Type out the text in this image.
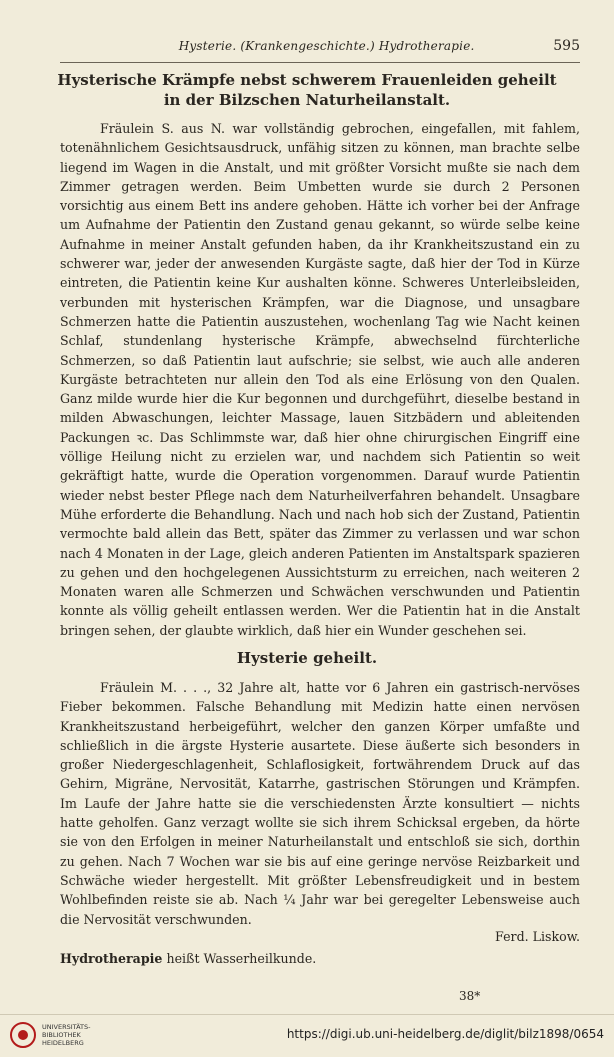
Hysterie. (Krankengeschichte.) Hydrotherapie.	595
Hysterische Krämpfe nebst schwerem Frauenleiden geheilt
in der Bilzschen Naturheilanstalt.

Fräulein S. aus N. war vollständig gebrochen, eingefallen, mit fahlem, totenähnlichem Gesichtsausdruck, unfähig sitzen zu können, man brachte selbe liegend im Wagen in die Anstalt, und mit größter Vorsicht mußte sie nach dem Zimmer getragen werden. Beim Umbetten wurde sie durch 2 Personen vorsichtig aus einem Bett ins andere gehoben. Hätte ich vorher bei der Anfrage um Aufnahme der Patientin den Zustand genau gekannt, so würde selbe keine Aufnahme in meiner Anstalt gefunden haben, da ihr Krankheitszustand ein zu schwerer war, jeder der anwesenden Kurgäste sagte, daß hier der Tod in Kürze eintreten, die Patientin keine Kur aushalten könne. Schweres Unterleibsleiden, verbunden mit hysterischen Krämpfen, war die Diagnose, und unsagbare Schmerzen hatte die Patientin auszustehen, wochenlang Tag wie Nacht keinen Schlaf, stundenlang hysterische Krämpfe, abwechselnd fürchterliche Schmerzen, so daß Patientin laut aufschrie; sie selbst, wie auch alle anderen Kurgäste betrachteten nur allein den Tod als eine Erlösung von den Qualen. Ganz milde wurde hier die Kur begonnen und durchgeführt, dieselbe bestand in milden Abwaschungen, leichter Massage, lauen Sitzbädern und ableitenden Packungen ꝛc. Das Schlimmste war, daß hier ohne chirurgischen Eingriff eine völlige Heilung nicht zu erzielen war, und nachdem sich Patientin so weit gekräftigt hatte, wurde die Operation vorgenommen. Darauf wurde Patientin wieder nebst bester Pflege nach dem Naturheilverfahren behandelt. Unsagbare Mühe erforderte die Behandlung. Nach und nach hob sich der Zustand, Patientin vermochte bald allein das Bett, später das Zimmer zu verlassen und war schon nach 4 Monaten in der Lage, gleich anderen Patienten im Anstaltspark spazieren zu gehen und den hochgelegenen Aussichtsturm zu erreichen, nach weiteren 2 Monaten waren alle Schmerzen und Schwächen verschwunden und Patientin konnte als völlig geheilt entlassen werden. Wer die Patientin hat in die Anstalt bringen sehen, der glaubte wirklich, daß hier ein Wunder geschehen sei.

Hysterie geheilt.

Fräulein M. . . ., 32 Jahre alt, hatte vor 6 Jahren ein gastrisch-nervöses Fieber bekommen. Falsche Behandlung mit Medizin hatte einen nervösen Krankheitszustand herbeigeführt, welcher den ganzen Körper umfaßte und schließlich in die ärgste Hysterie ausartete. Diese äußerte sich besonders in großer Niedergeschlagenheit, Schlaflosigkeit, fortwährendem Druck auf das Gehirn, Migräne, Nervosität, Katarrhe, gastrischen Störungen und Krämpfen. Im Laufe der Jahre hatte sie die verschiedensten Ärzte konsultiert — nichts hatte geholfen. Ganz verzagt wollte sie sich ihrem Schicksal ergeben, da hörte sie von den Erfolgen in meiner Naturheilanstalt und entschloß sie sich, dorthin zu gehen. Nach 7 Wochen war sie bis auf eine geringe nervöse Reizbarkeit und Schwäche wieder hergestellt. Mit größter Lebensfreudigkeit und in bestem Wohlbefinden reiste sie ab. Nach ¼ Jahr war bei geregelter Lebensweise auch die Nervosität verschwunden.

Ferd. Liskow.

Hydrotherapie heißt Wasserheilkunde.

38*
UNIVERSITÄTS-
BIBLIOTHEK
HEIDELBERG
https://digi.ub.uni-heidelberg.de/diglit/bilz1898/0654
